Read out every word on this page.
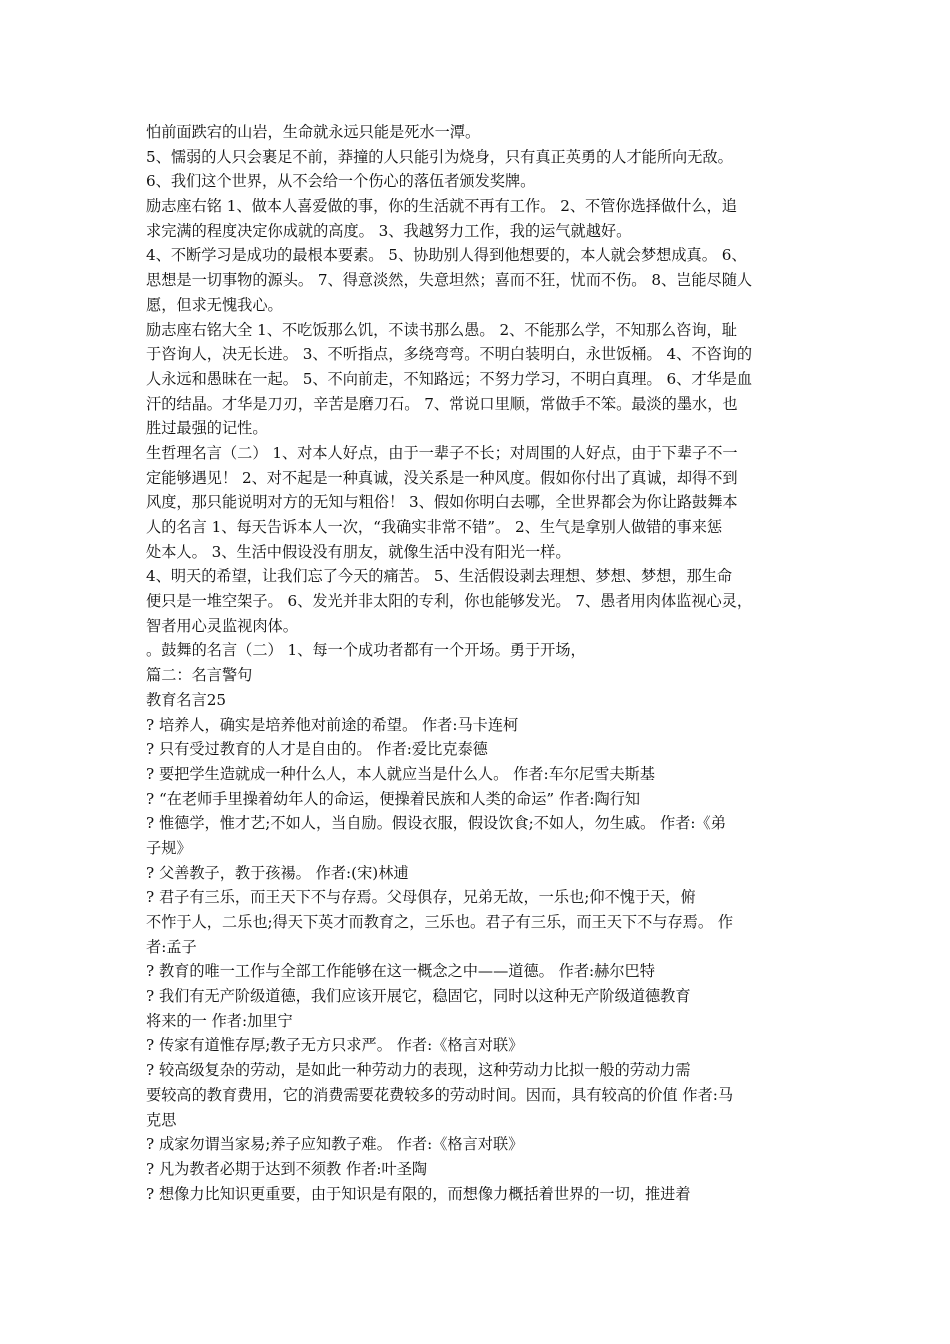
怕前面跌宕的山岩，生命就永远只能是死水一潭。
5、懦弱的人只会裹足不前，莽撞的人只能引为烧身，只有真正英勇的人才能所向无敌。
6、我们这个世界，从不会给一个伤心的落伍者颁发奖牌。
励志座右铭 1、做本人喜爱做的事，你的生活就不再有工作。 2、不管你选择做什么，追
求完满的程度决定你成就的高度。 3、我越努力工作，我的运气就越好。
4、不断学习是成功的最根本要素。 5、协助别人得到他想要的，本人就会梦想成真。 6、
思想是一切事物的源头。 7、得意淡然，失意坦然；喜而不狂，忧而不伤。 8、岂能尽随人
愿，但求无愧我心。
励志座右铭大全 1、不吃饭那么饥，不读书那么愚。 2、不能那么学，不知那么咨询，耻
于咨询人，决无长进。 3、不听指点，多绕弯弯。不明白装明白，永世饭桶。 4、不咨询的
人永远和愚昧在一起。 5、不向前走，不知路远；不努力学习，不明白真理。 6、才华是血
汗的结晶。才华是刀刃，辛苦是磨刀石。 7、常说口里顺，常做手不笨。最淡的墨水，也
胜过最强的记性。
生哲理名言（二） 1、对本人好点，由于一辈子不长；对周围的人好点，由于下辈子不一
定能够遇见！ 2、对不起是一种真诚，没关系是一种风度。假如你付出了真诚，却得不到
风度，那只能说明对方的无知与粗俗！ 3、假如你明白去哪，全世界都会为你让路鼓舞本
人的名言 1、每天告诉本人一次，“我确实非常不错”。 2、生气是拿别人做错的事来惩
处本人。 3、生活中假设没有朋友，就像生活中没有阳光一样。
4、明天的希望，让我们忘了今天的痛苦。 5、生活假设剥去理想、梦想、梦想，那生命
便只是一堆空架子。 6、发光并非太阳的专利，你也能够发光。 7、愚者用肉体监视心灵，
智者用心灵监视肉体。
。鼓舞的名言（二） 1、每一个成功者都有一个开场。勇于开场，
篇二：名言警句
教育名言25
? 培养人，确实是培养他对前途的希望。 作者:马卡连柯
? 只有受过教育的人才是自由的。 作者:爱比克泰德
? 要把学生造就成一种什么人，本人就应当是什么人。 作者:车尔尼雪夫斯基
? “在老师手里操着幼年人的命运，便操着民族和人类的命运” 作者:陶行知
? 惟德学，惟才艺;不如人，当自励。假设衣服，假设饮食;不如人，勿生戚。 作者:《弟
子规》
? 父善教子，教于孩禓。 作者:(宋)林逋
? 君子有三乐，而王天下不与存焉。父母俱存，兄弟无故，一乐也;仰不愧于天，俯
不怍于人，二乐也;得天下英才而教育之，三乐也。君子有三乐，而王天下不与存焉。 作
者:孟子
? 教育的唯一工作与全部工作能够在这一概念之中——道德。 作者:赫尔巴特
? 我们有无产阶级道德，我们应该开展它，稳固它，同时以这种无产阶级道德教育
将来的一 作者:加里宁
? 传家有道惟存厚;教子无方只求严。 作者:《格言对联》
? 较高级复杂的劳动，是如此一种劳动力的表现，这种劳动力比拟一般的劳动力需
要较高的教育费用，它的消费需要花费较多的劳动时间。因而，具有较高的价值 作者:马
克思
? 成家勿谓当家易;养子应知教子难。 作者:《格言对联》
? 凡为教者必期于达到不须教 作者:叶圣陶
? 想像力比知识更重要，由于知识是有限的，而想像力概括着世界的一切，推进着
